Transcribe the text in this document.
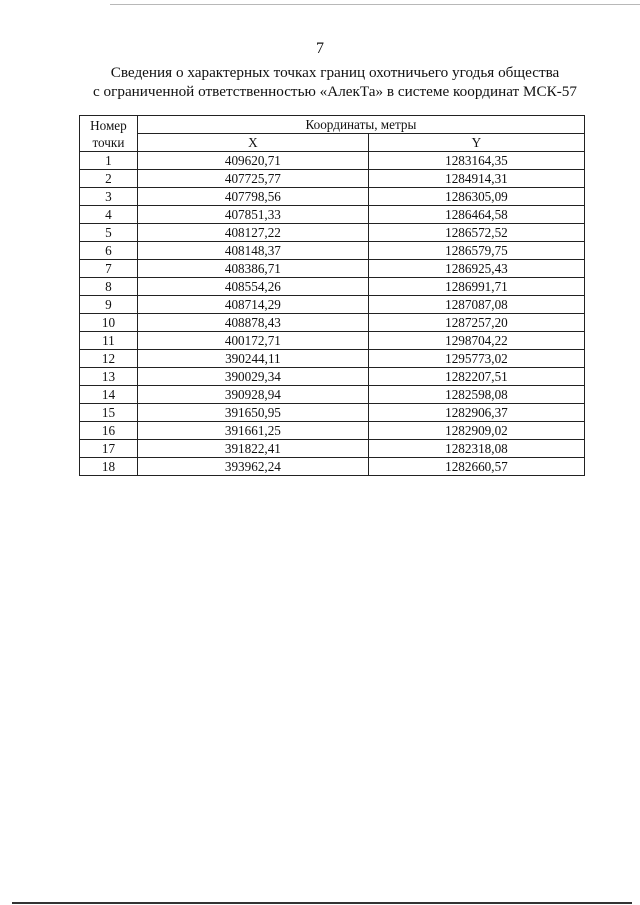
7
Сведения о характерных точках границ охотничьего угодья общества
с ограниченной ответственностью «АлекТа» в системе координат МСК-57
Номер
точки	Координаты, метры	
	X	Y
1	409620,71	1283164,35
2	407725,77	1284914,31
3	407798,56	1286305,09
4	407851,33	1286464,58
5	408127,22	1286572,52
6	408148,37	1286579,75
7	408386,71	1286925,43
8	408554,26	1286991,71
9	408714,29	1287087,08
10	408878,43	1287257,20
11	400172,71	1298704,22
12	390244,11	1295773,02
13	390029,34	1282207,51
14	390928,94	1282598,08
15	391650,95	1282906,37
16	391661,25	1282909,02
17	391822,41	1282318,08
18	393962,24	1282660,57
